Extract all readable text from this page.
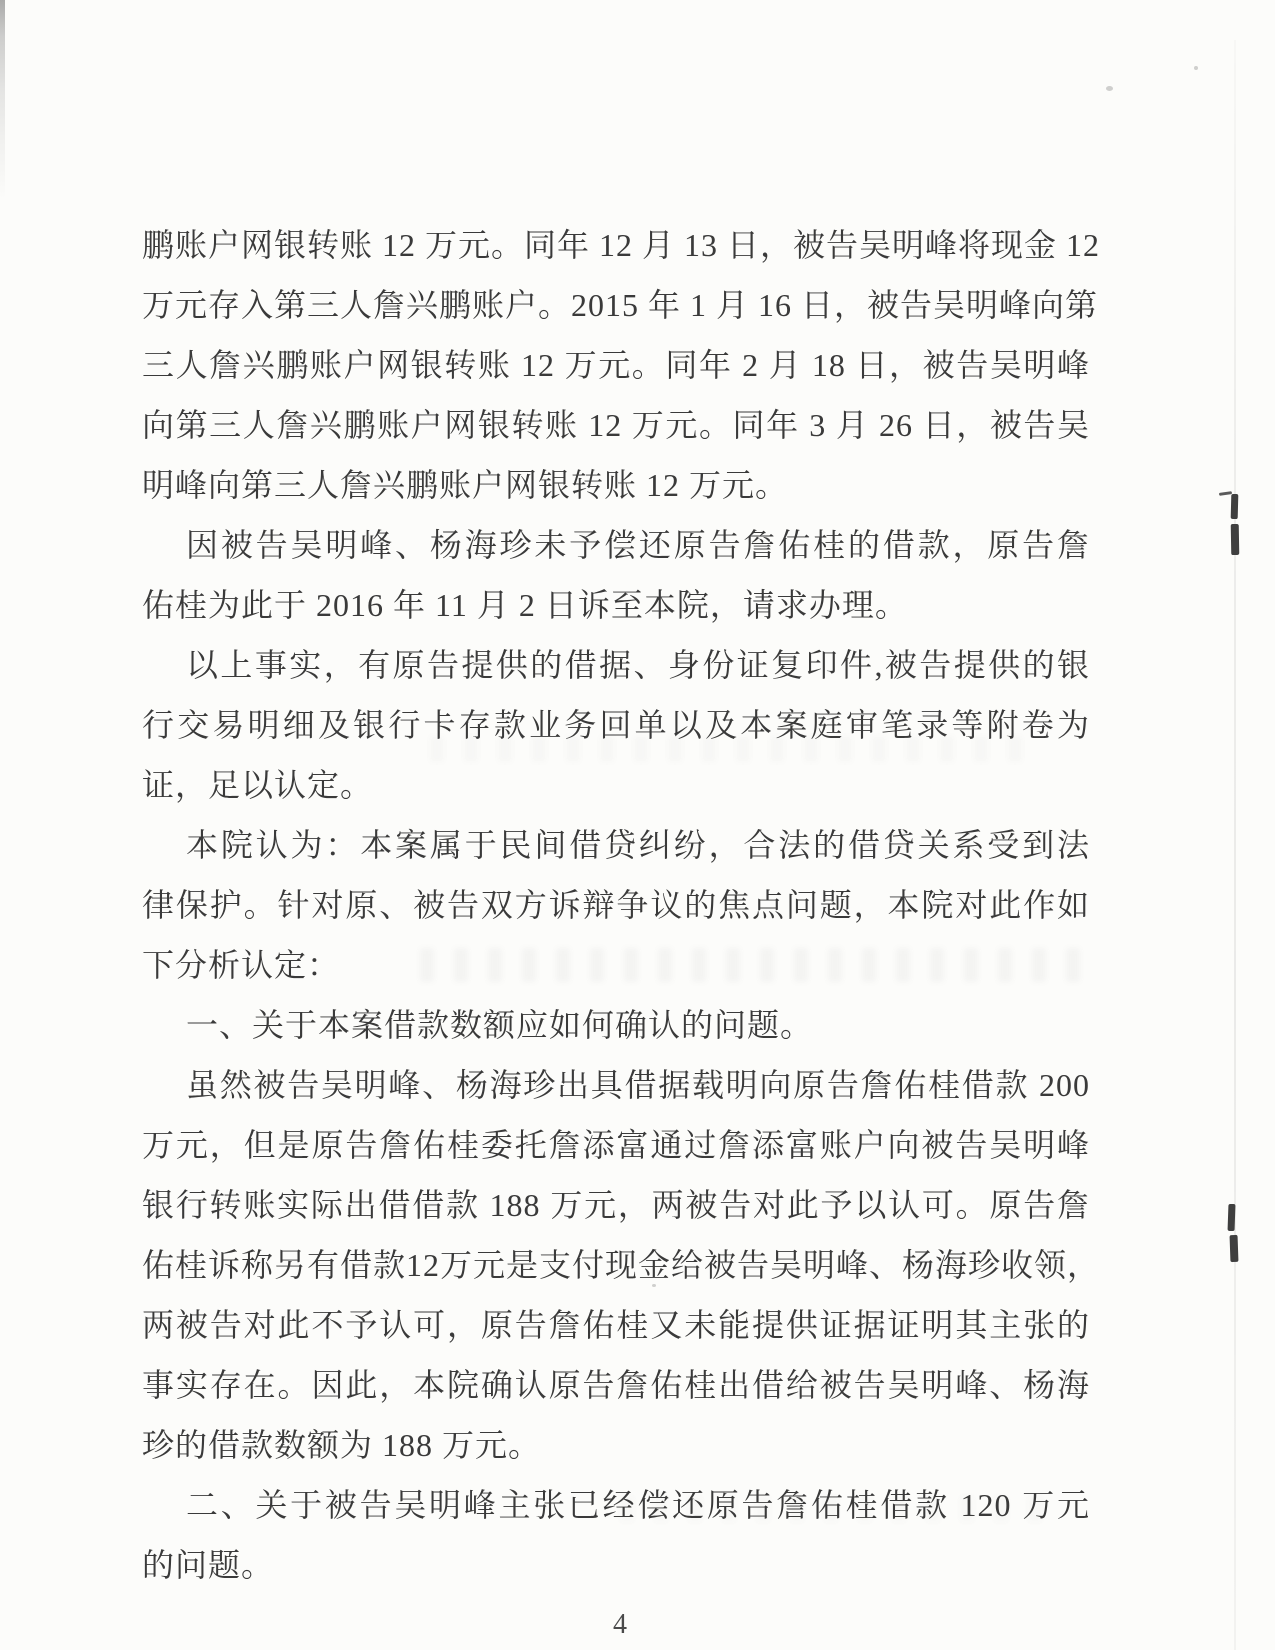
鹏账户网银转账 12 万元。同年 12 月 13 日，被告吴明峰将现金 12
万元存入第三人詹兴鹏账户。2015 年 1 月 16 日，被告吴明峰向第
三人詹兴鹏账户网银转账 12 万元。同年 2 月 18 日，被告吴明峰
向第三人詹兴鹏账户网银转账 12 万元。同年 3 月 26 日，被告吴
明峰向第三人詹兴鹏账户网银转账 12 万元。
因被告吴明峰、杨海珍未予偿还原告詹佑桂的借款，原告詹
佑桂为此于 2016 年 11 月 2 日诉至本院，请求办理。
以上事实，有原告提供的借据、身份证复印件,被告提供的银
行交易明细及银行卡存款业务回单以及本案庭审笔录等附卷为
证，足以认定。
本院认为：本案属于民间借贷纠纷，合法的借贷关系受到法
律保护。针对原、被告双方诉辩争议的焦点问题，本院对此作如
下分析认定：
一、关于本案借款数额应如何确认的问题。
虽然被告吴明峰、杨海珍出具借据载明向原告詹佑桂借款 200
万元，但是原告詹佑桂委托詹添富通过詹添富账户向被告吴明峰
银行转账实际出借借款 188 万元，两被告对此予以认可。原告詹
佑桂诉称另有借款12万元是支付现金给被告吴明峰、杨海珍收领，
两被告对此不予认可，原告詹佑桂又未能提供证据证明其主张的
事实存在。因此，本院确认原告詹佑桂出借给被告吴明峰、杨海
珍的借款数额为 188 万元。
二、关于被告吴明峰主张已经偿还原告詹佑桂借款 120 万元
的问题。
4
